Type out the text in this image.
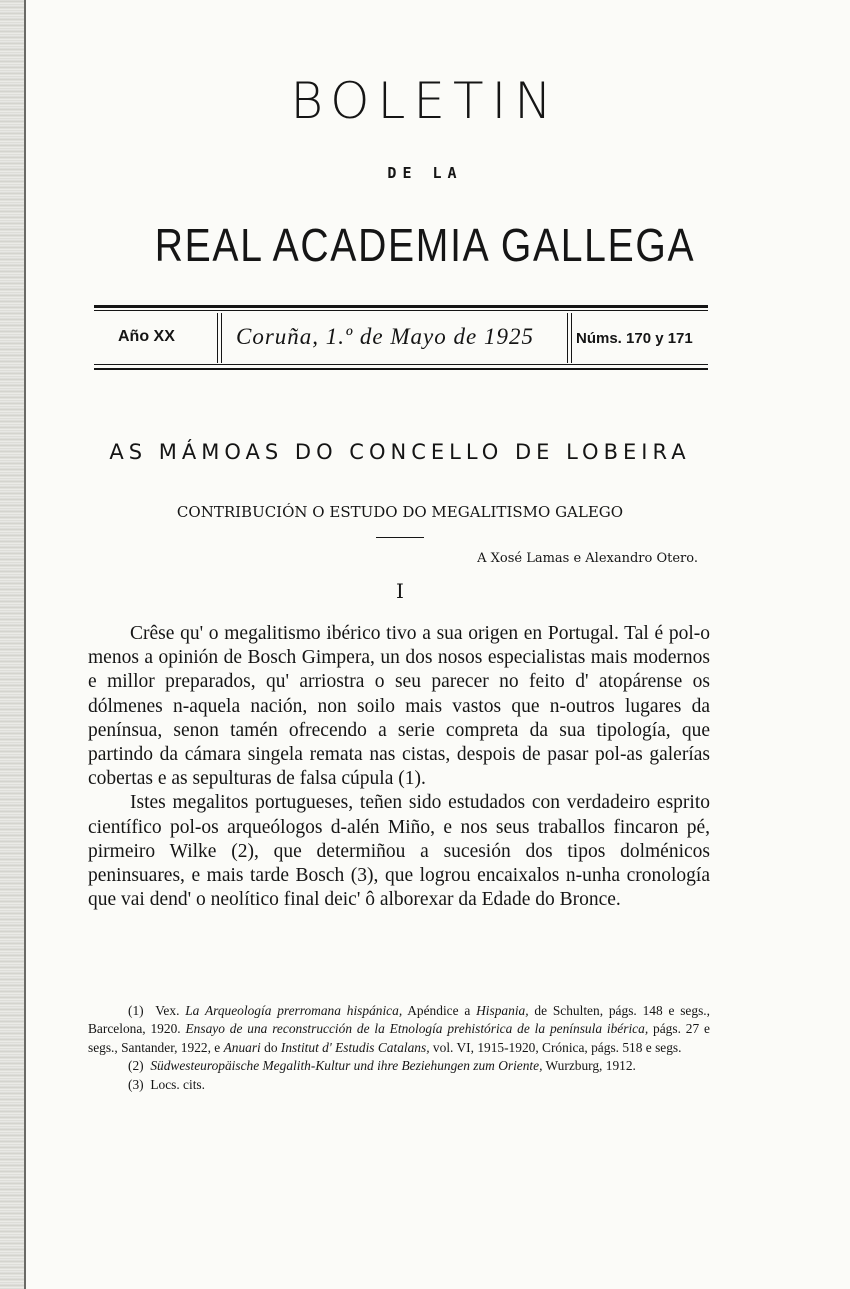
BOLETIN
DE LA
REAL ACADEMIA GALLEGA
Año XX	Coruña, 1.º de Mayo de 1925	Núms. 170 y 171
AS MÁMOAS DO CONCELLO DE LOBEIRA
CONTRIBUCIÓN O ESTUDO DO MEGALITISMO GALEGO
A Xosé Lamas e Alexandro Otero.
I

Crêse qu' o megalitismo ibérico tivo a sua origen en Portugal. Tal é pol-o menos a opinión de Bosch Gimpera, un dos nosos especialistas mais modernos e millor preparados, qu' arriostra o seu parecer no feito d' atopárense os dólmenes n-aquela nación, non soilo mais vastos que n-outros lugares da penínsua, senon tamén ofrecendo a serie compreta da sua tipología, que partindo da cámara singela remata nas cistas, despois de pasar pol-as galerías cobertas e as sepulturas de falsa cúpula (1).

Istes megalitos portugueses, teñen sido estudados con verdadeiro esprito científico pol-os arqueólogos d-alén Miño, e nos seus traballos fincaron pé, pirmeiro Wilke (2), que determiñou a sucesión dos tipos dolménicos peninsuares, e mais tarde Bosch (3), que logrou encaixalos n-unha cronología que vai dend' o neolítico final deic' ô alborexar da Edade do Bronce.

(1) Vex. La Arqueología prerromana hispánica, Apéndice a Hispania, de Schulten, págs. 148 e segs., Barcelona, 1920. Ensayo de una reconstrucción de la Etnología prehistórica de la península ibérica, págs. 27 e segs., Santander, 1922, e Anuari do Institut d' Estudis Catalans, vol. VI, 1915-1920, Crónica, págs. 518 e segs.

(2) Südwesteuropäische Megalith-Kultur und ihre Beziehungen zum Oriente, Wurzburg, 1912.

(3) Locs. cits.
